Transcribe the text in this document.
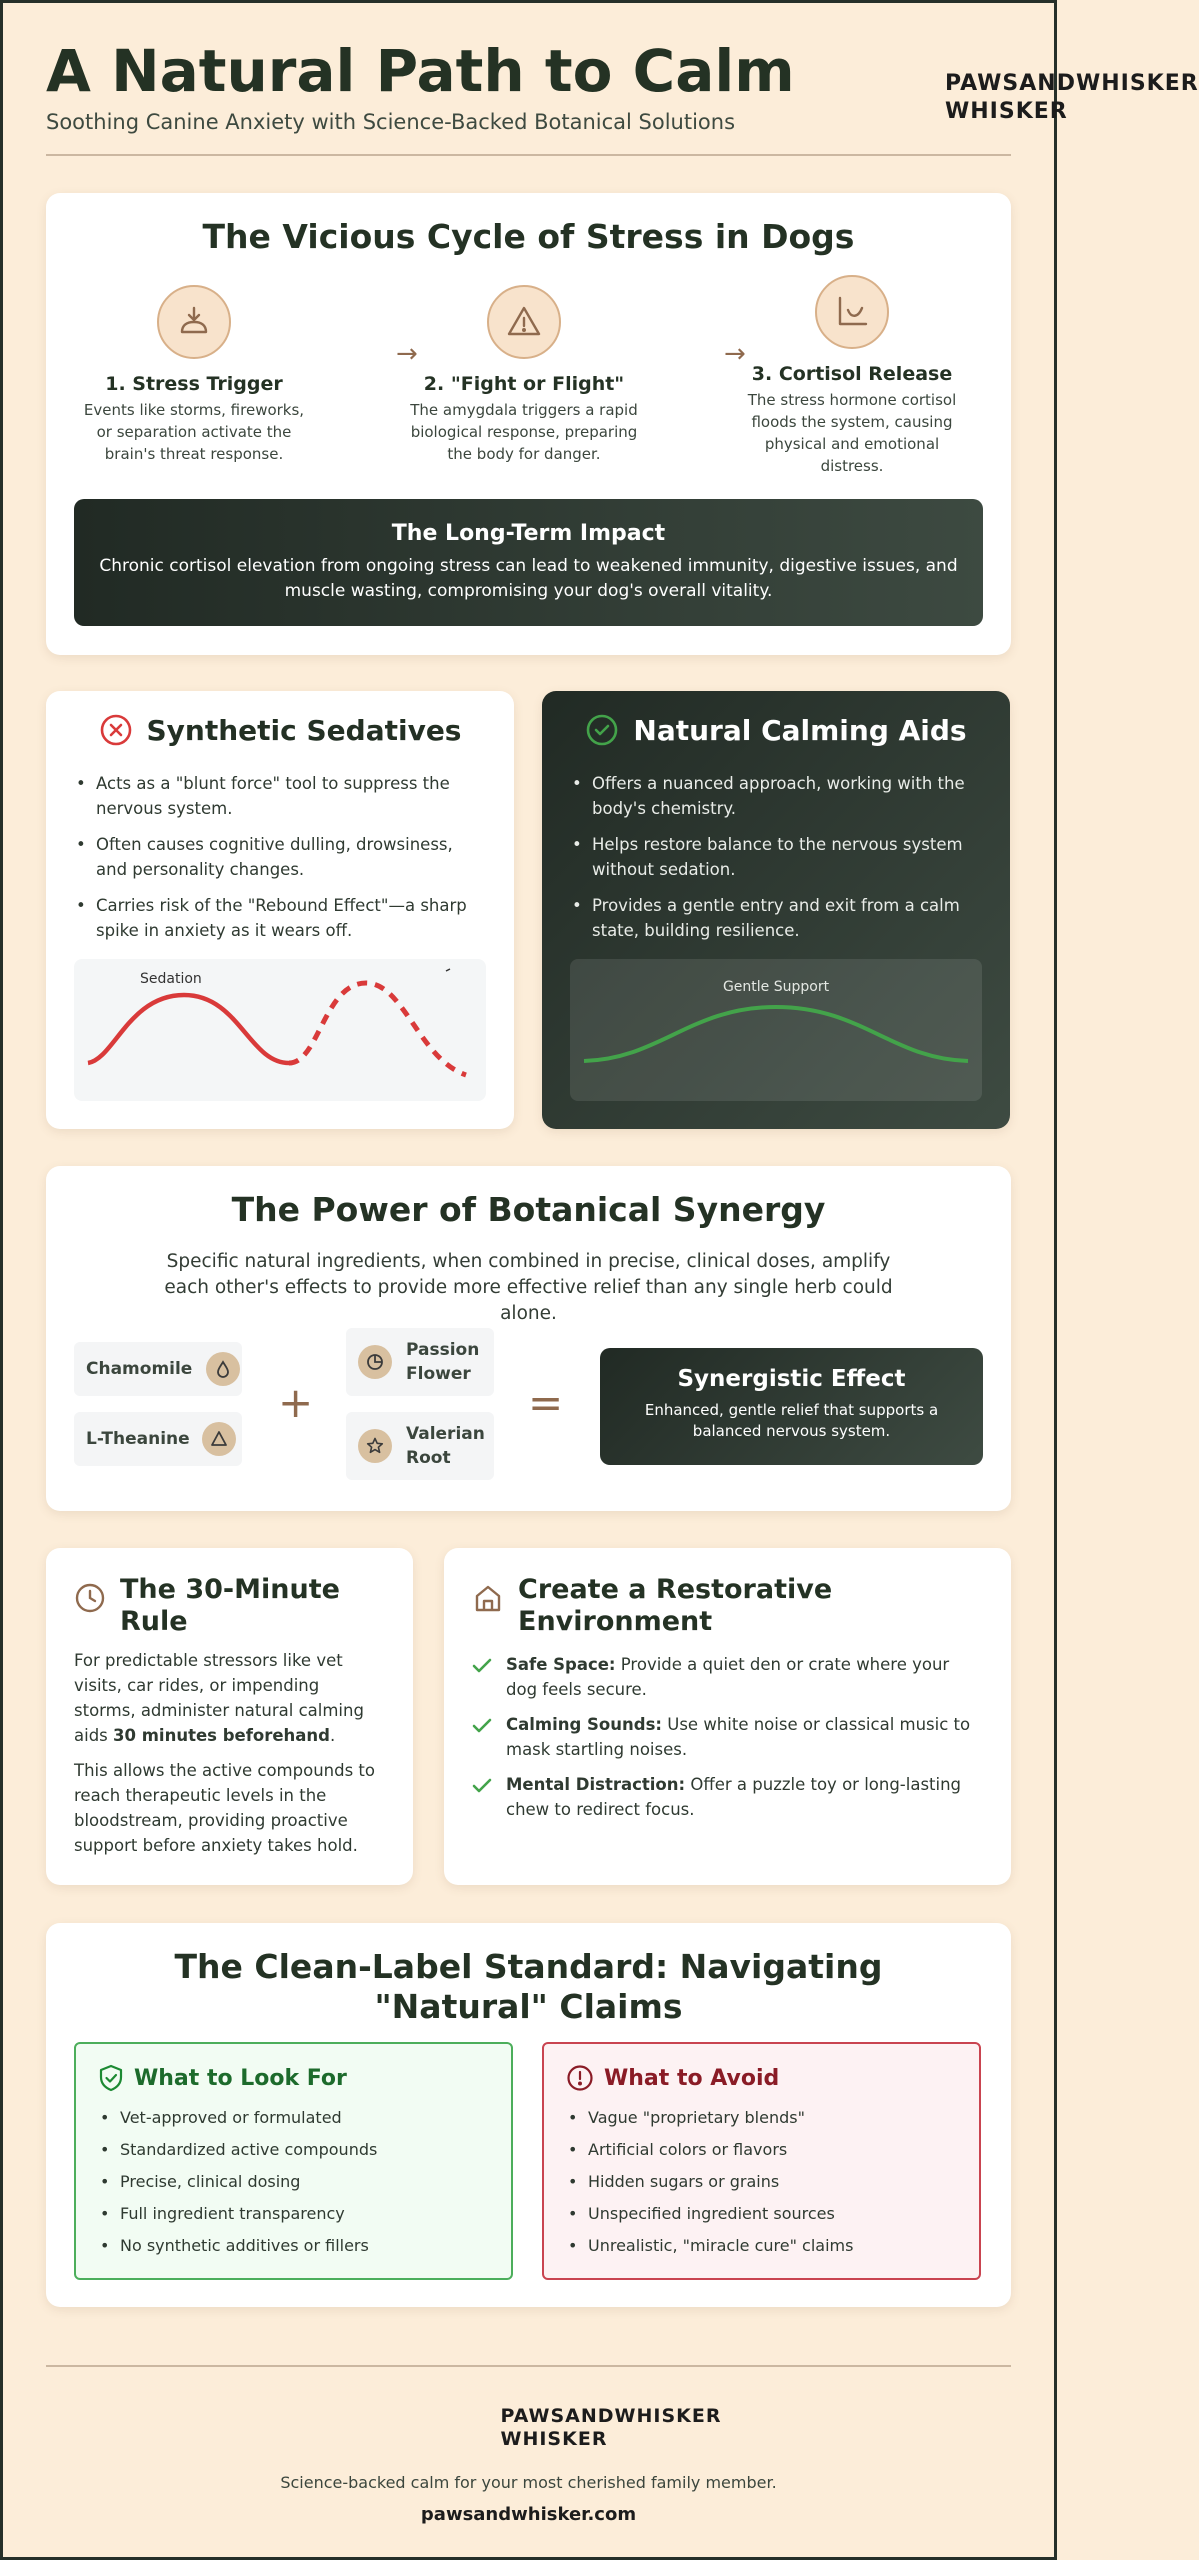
A Natural Path to Calm
Soothing Canine Anxiety with Science-Backed Botanical Solutions
PAWSANDWHISKER
WHISKER
The Vicious Cycle of Stress in Dogs
1. Stress Trigger

Events like storms, fireworks, or separation activate the brain's threat response.

→
2. "Fight or Flight"

The amygdala triggers a rapid biological response, preparing the body for danger.

→
3. Cortisol Release

The stress hormone cortisol floods the system, causing physical and emotional distress.

The Long-Term Impact

Chronic cortisol elevation from ongoing stress can lead to weakened immunity, digestive issues, and muscle wasting, compromising your dog's overall vitality.

Synthetic Sedatives
• Acts as a "blunt force" tool to suppress the nervous system.
• Often causes cognitive dulling, drowsiness, and personality changes.
• Carries risk of the "Rebound Effect"—a sharp spike in anxiety as it wears off.
Sedation
Natural Calming Aids
• Offers a nuanced approach, working with the body's chemistry.
• Helps restore balance to the nervous system without sedation.
• Provides a gentle entry and exit from a calm state, building resilience.
Gentle Support
The Power of Botanical Synergy
Specific natural ingredients, when combined in precise, clinical doses, amplify each other's effects to provide more effective relief than any single herb could alone.
Chamomile
L-Theanine
+
Passion Flower
Valerian Root
=	Synergistic Effect

Enhanced, gentle relief that supports a balanced nervous system.

The 30-Minute Rule

For predictable stressors like vet visits, car rides, or impending storms, administer natural calming aids 30 minutes beforehand.

This allows the active compounds to reach therapeutic levels in the bloodstream, providing proactive support before anxiety takes hold.

Create a Restorative Environment
Safe Space: Provide a quiet den or crate where your dog feels secure.
Calming Sounds: Use white noise or classical music to mask startling noises.
Mental Distraction: Offer a puzzle toy or long-lasting chew to redirect focus.
The Clean-Label Standard: Navigating "Natural" Claims
What to Look For
• Vet-approved or formulated
• Standardized active compounds
• Precise, clinical dosing
• Full ingredient transparency
• No synthetic additives or fillers
What to Avoid
• Vague "proprietary blends"
• Artificial colors or flavors
• Hidden sugars or grains
• Unspecified ingredient sources
• Unrealistic, "miracle cure" claims
PAWSANDWHISKER
WHISKER
Science-backed calm for your most cherished family member.
pawsandwhisker.com
